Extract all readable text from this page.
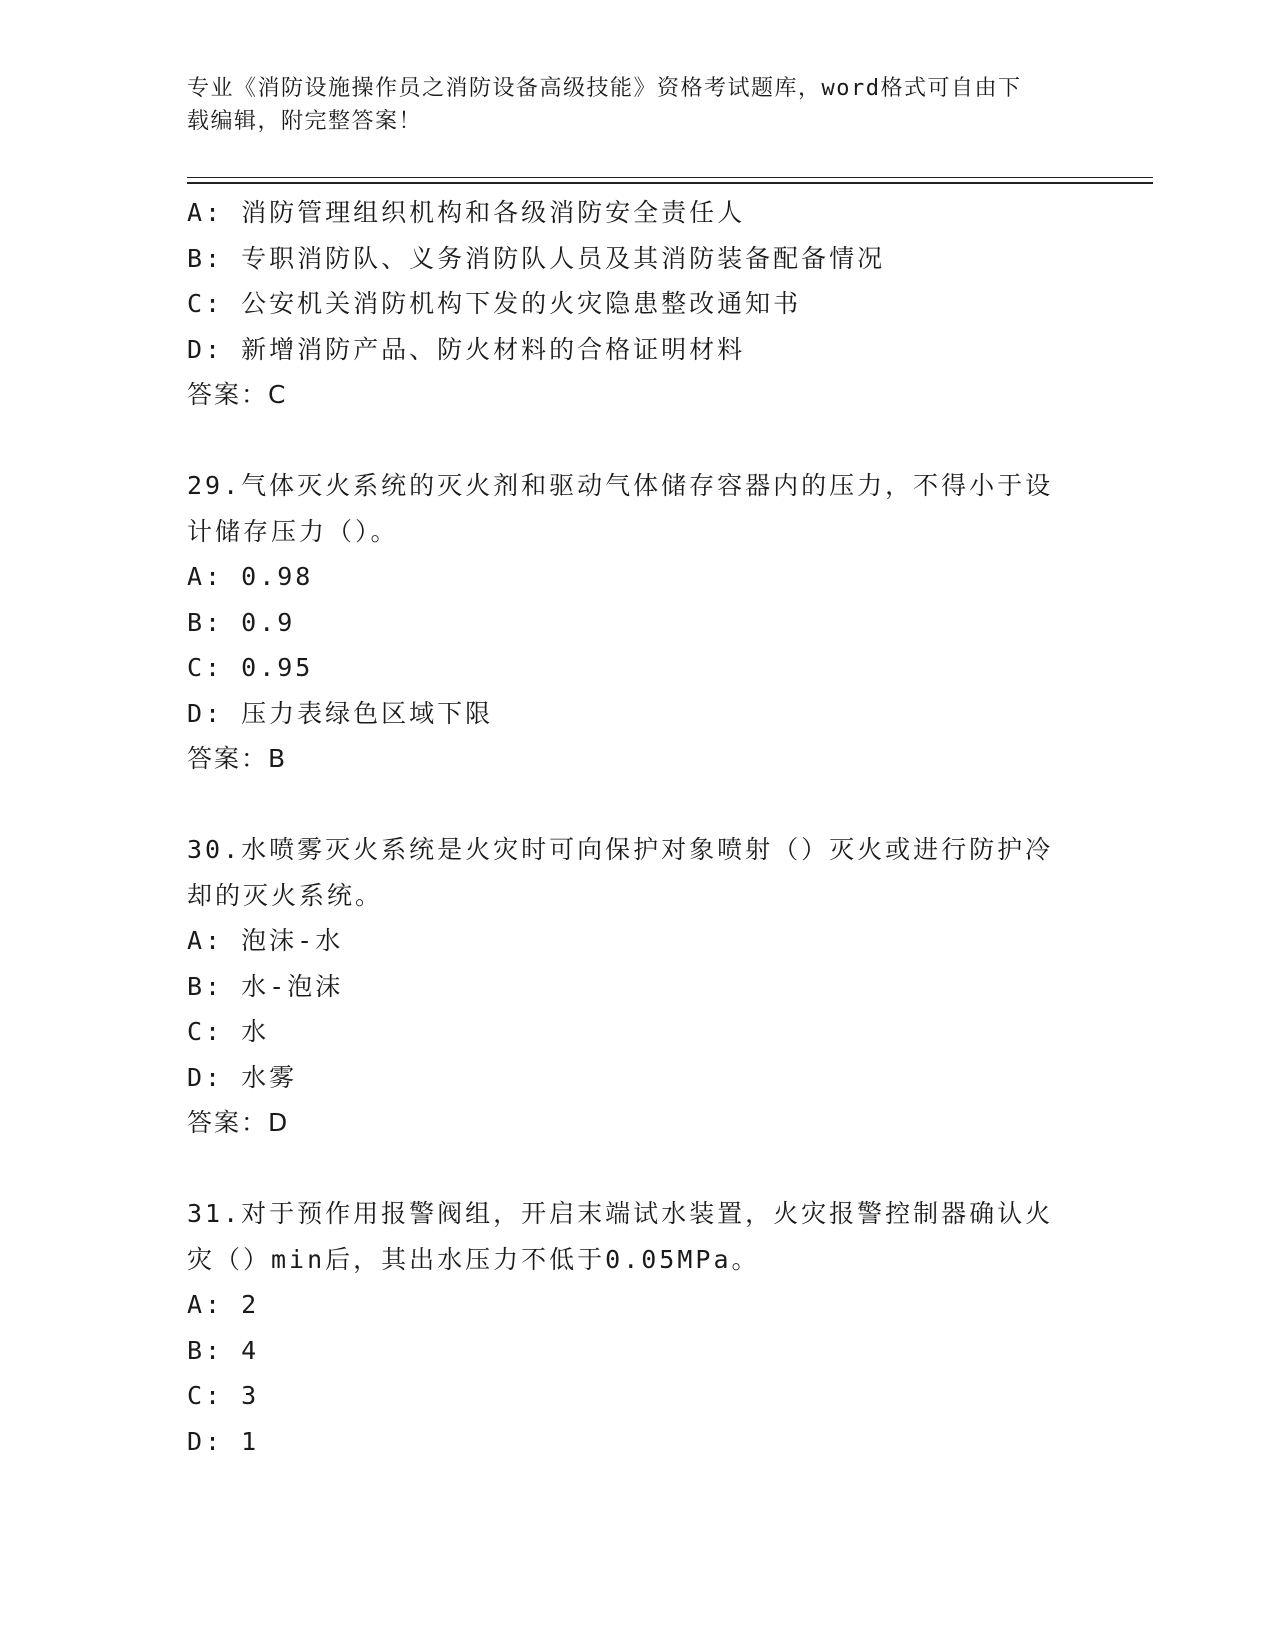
专业《消防设施操作员之消防设备高级技能》资格考试题库，word格式可自由下
载编辑，附完整答案！
A: 消防管理组织机构和各级消防安全责任人
B: 专职消防队、义务消防队人员及其消防装备配备情况
C: 公安机关消防机构下发的火灾隐患整改通知书
D: 新增消防产品、防火材料的合格证明材料
答案：C
29.气体灭火系统的灭火剂和驱动气体储存容器内的压力，不得小于设
计储存压力（）。
A: 0.98
B: 0.9
C: 0.95
D: 压力表绿色区域下限
答案：B
30.水喷雾灭火系统是火灾时可向保护对象喷射（）灭火或进行防护冷
却的灭火系统。
A: 泡沫-水
B: 水-泡沫
C: 水
D: 水雾
答案：D
31.对于预作用报警阀组，开启末端试水装置，火灾报警控制器确认火
灾（）min后，其出水压力不低于0.05MPa。
A: 2
B: 4
C: 3
D: 1
